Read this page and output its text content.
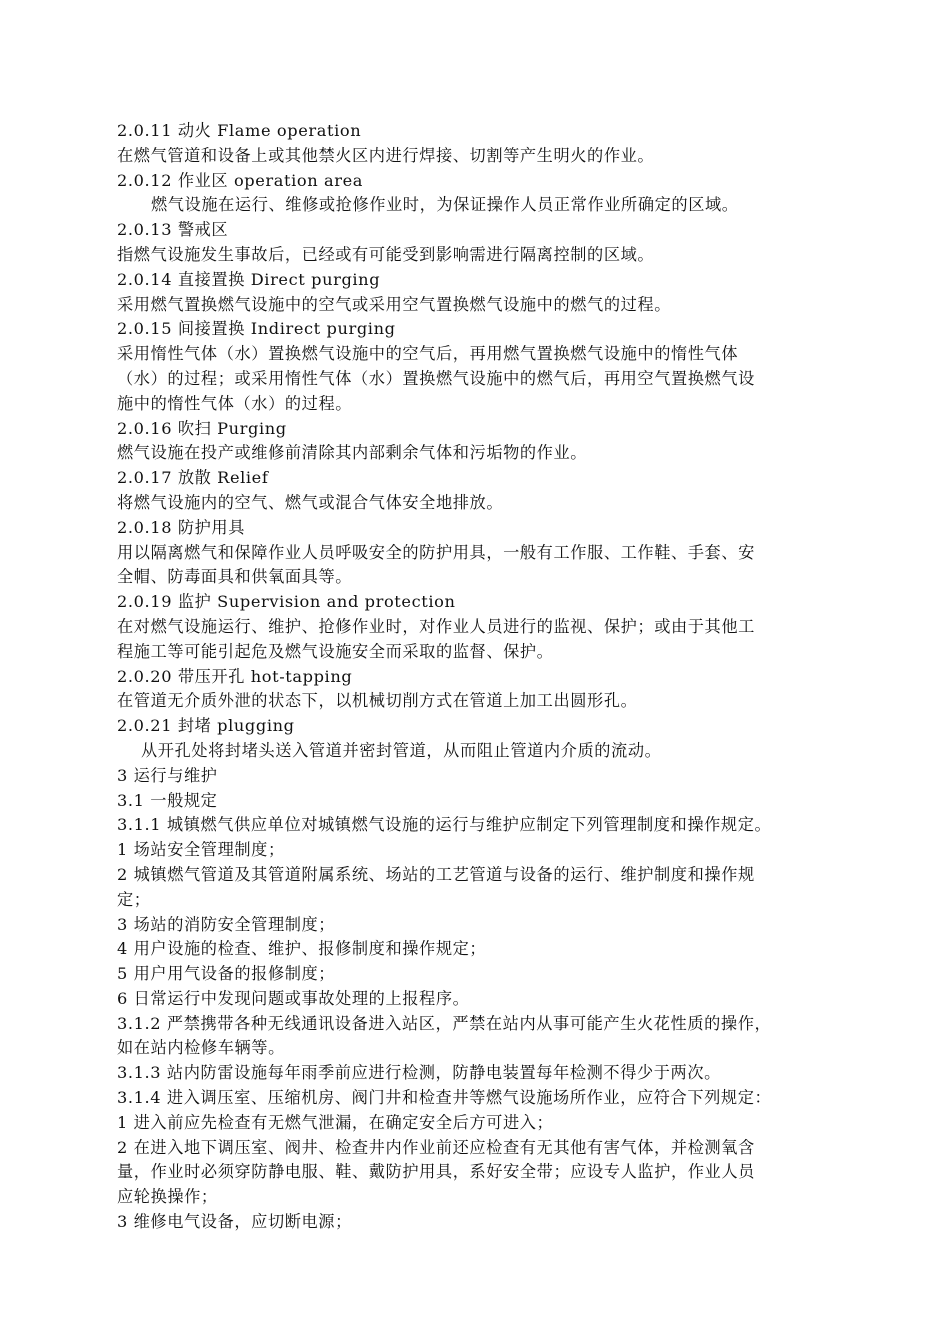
2.0.11 动火 Flame operation

在燃气管道和设备上或其他禁火区内进行焊接、切割等产生明火的作业。

2.0.12 作业区 operation area

燃气设施在运行、维修或抢修作业时，为保证操作人员正常作业所确定的区域。

2.0.13 警戒区

指燃气设施发生事故后，已经或有可能受到影响需进行隔离控制的区域。

2.0.14 直接置换 Direct purging

采用燃气置换燃气设施中的空气或采用空气置换燃气设施中的燃气的过程。

2.0.15 间接置换 Indirect purging

采用惰性气体（水）置换燃气设施中的空气后，再用燃气置换燃气设施中的惰性气体

（水）的过程；或采用惰性气体（水）置换燃气设施中的燃气后，再用空气置换燃气设

施中的惰性气体（水）的过程。

2.0.16 吹扫 Purging

燃气设施在投产或维修前清除其内部剩余气体和污垢物的作业。

2.0.17 放散 Relief

将燃气设施内的空气、燃气或混合气体安全地排放。

2.0.18 防护用具

用以隔离燃气和保障作业人员呼吸安全的防护用具，一般有工作服、工作鞋、手套、安

全帽、防毒面具和供氧面具等。

2.0.19 监护 Supervision and protection

在对燃气设施运行、维护、抢修作业时，对作业人员进行的监视、保护；或由于其他工

程施工等可能引起危及燃气设施安全而采取的监督、保护。

2.0.20 带压开孔 hot-tapping

在管道无介质外泄的状态下，以机械切削方式在管道上加工出圆形孔。

2.0.21 封堵 plugging

从开孔处将封堵头送入管道并密封管道，从而阻止管道内介质的流动。

3 运行与维护

3.1 一般规定

3.1.1 城镇燃气供应单位对城镇燃气设施的运行与维护应制定下列管理制度和操作规定。

1 场站安全管理制度；

2 城镇燃气管道及其管道附属系统、场站的工艺管道与设备的运行、维护制度和操作规

定；

3 场站的消防安全管理制度；

4 用户设施的检查、维护、报修制度和操作规定；

5 用户用气设备的报修制度；

6 日常运行中发现问题或事故处理的上报程序。

3.1.2 严禁携带各种无线通讯设备进入站区，严禁在站内从事可能产生火花性质的操作，

如在站内检修车辆等。

3.1.3 站内防雷设施每年雨季前应进行检测，防静电装置每年检测不得少于两次。

3.1.4 进入调压室、压缩机房、阀门井和检查井等燃气设施场所作业，应符合下列规定：

1 进入前应先检查有无燃气泄漏，在确定安全后方可进入；

2 在进入地下调压室、阀井、检查井内作业前还应检查有无其他有害气体，并检测氧含

量，作业时必须穿防静电服、鞋、戴防护用具，系好安全带；应设专人监护，作业人员

应轮换操作；

3 维修电气设备，应切断电源；
